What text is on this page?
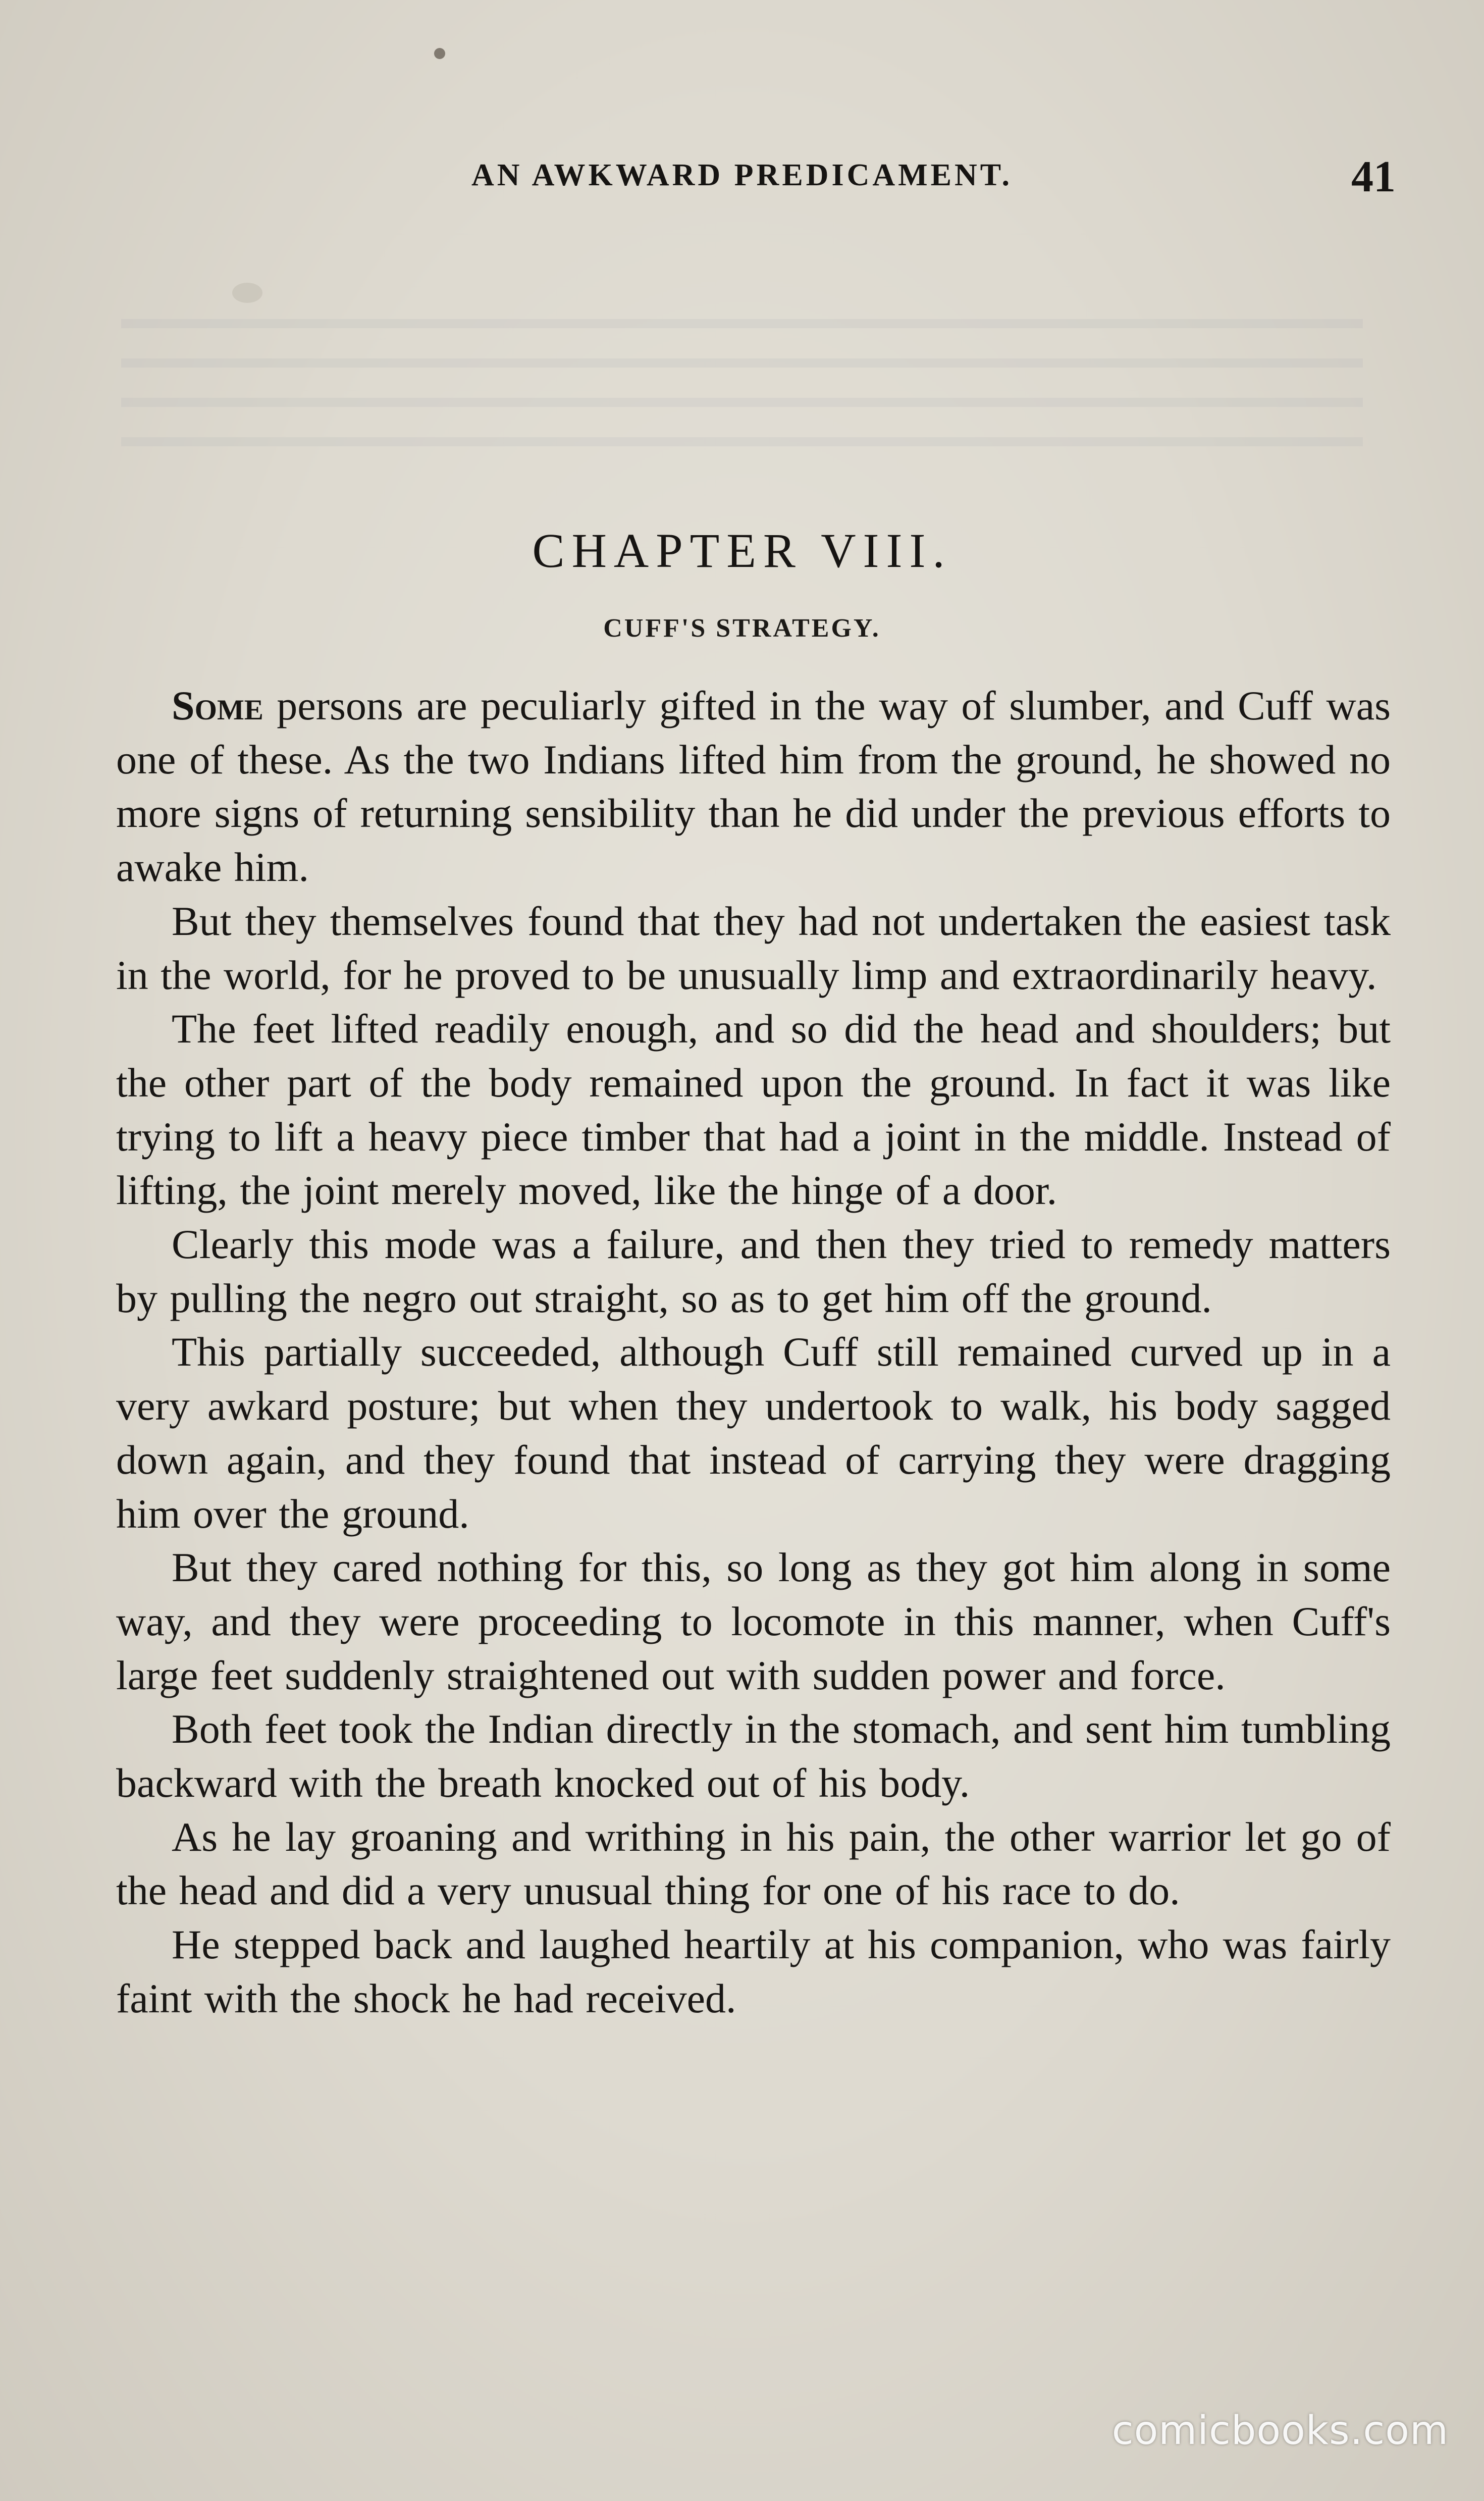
AN AWKWARD PREDICAMENT.	41
CHAPTER VIII.
CUFF'S STRATEGY.

Some persons are peculiarly gifted in the way of slumber, and Cuff was one of these. As the two Indians lifted him from the ground, he showed no more signs of returning sensibility than he did under the previous efforts to awake him.

But they themselves found that they had not undertaken the easiest task in the world, for he proved to be unusually limp and extraordinarily heavy.

The feet lifted readily enough, and so did the head and shoulders; but the other part of the body remained upon the ground. In fact it was like trying to lift a heavy piece timber that had a joint in the middle. Instead of lifting, the joint merely moved, like the hinge of a door.

Clearly this mode was a failure, and then they tried to remedy matters by pulling the negro out straight, so as to get him off the ground.

This partially succeeded, although Cuff still remained curved up in a very awkard posture; but when they undertook to walk, his body sagged down again, and they found that instead of carrying they were dragging him over the ground.

But they cared nothing for this, so long as they got him along in some way, and they were proceeding to locomote in this manner, when Cuff's large feet suddenly straightened out with sudden power and force.

Both feet took the Indian directly in the stomach, and sent him tumbling backward with the breath knocked out of his body.

As he lay groaning and writhing in his pain, the other warrior let go of the head and did a very unusual thing for one of his race to do.

He stepped back and laughed heartily at his companion, who was fairly faint with the shock he had received.

comicbooks.com
